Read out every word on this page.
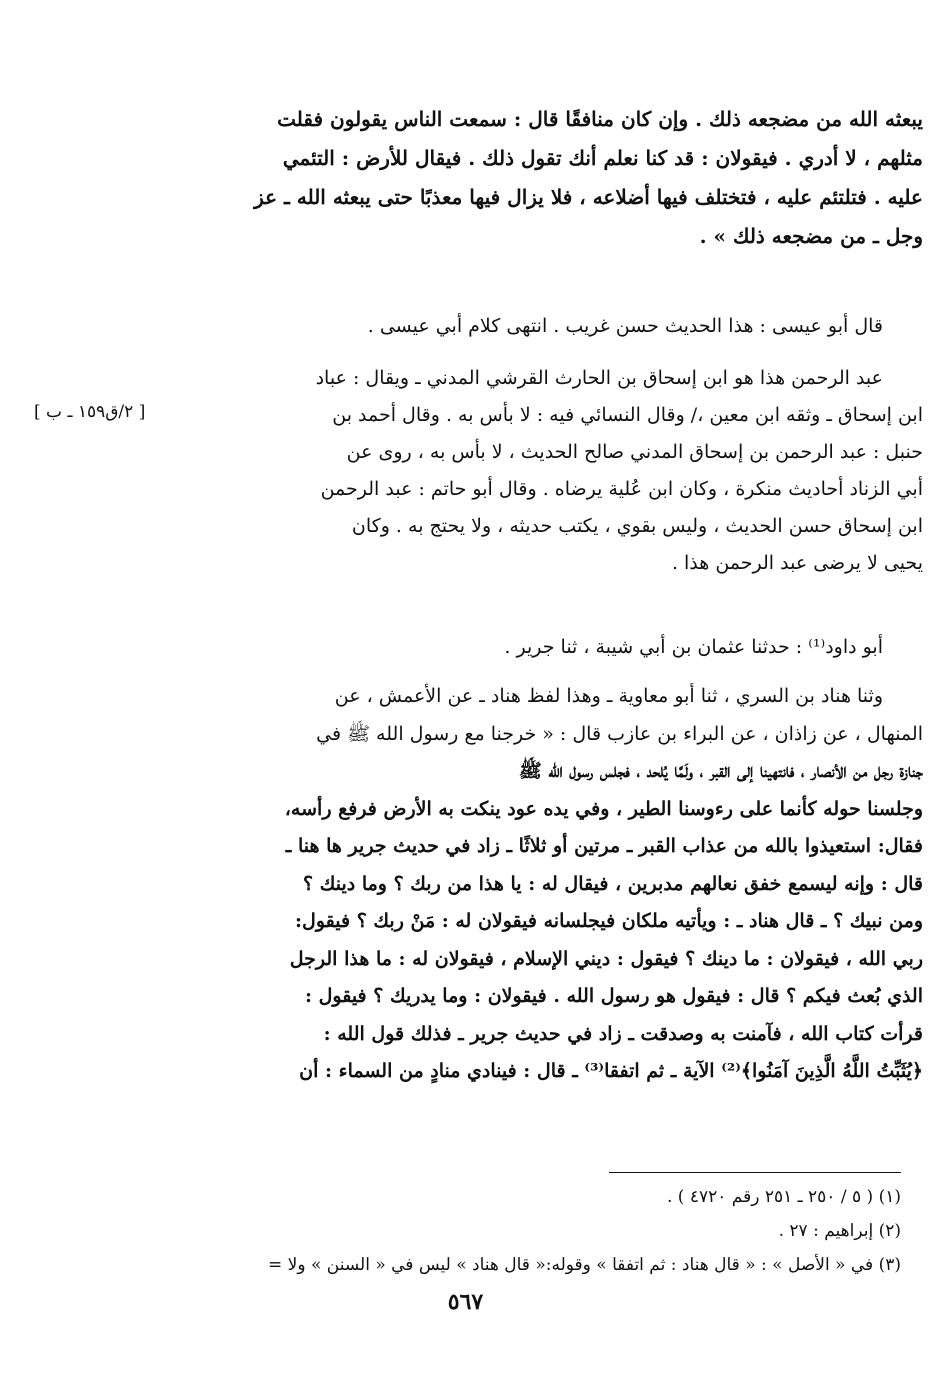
يبعثه الله من مضجعه ذلك . وإن كان منافقًا قال : سمعت الناس يقولون فقلت
مثلهم ، لا أدري . فيقولان : قد كنا نعلم أنك تقول ذلك . فيقال للأرض : التئمي
عليه . فتلتئم عليه ، فتختلف فيها أضلاعه ، فلا يزال فيها معذبًا حتى يبعثه الله ـ عز
وجل ـ من مضجعه ذلك » .
قال أبو عيسى : هذا الحديث حسن غريب . انتهى كلام أبي عيسى .
عبد الرحمن هذا هو ابن إسحاق بن الحارث القرشي المدني ـ ويقال : عباد
ابن إسحاق ـ وثقه ابن معين ،/ وقال النسائي فيه : لا بأس به . وقال أحمد بن
حنبل : عبد الرحمن بن إسحاق المدني صالح الحديث ، لا بأس به ، روى عن
أبي الزناد أحاديث منكرة ، وكان ابن عُلية يرضاه . وقال أبو حاتم : عبد الرحمن
ابن إسحاق حسن الحديث ، وليس بقوي ، يكتب حديثه ، ولا يحتج به . وكان
يحيى لا يرضى عبد الرحمن هذا .
[ ٢/ق١٥٩ ـ ب ]
أبو داود⁽¹⁾ : حدثنا عثمان بن أبي شيبة ، ثنا جرير .
وثنا هناد بن السري ، ثنا أبو معاوية ـ وهذا لفظ هناد ـ عن الأعمش ، عن
المنهال ، عن زاذان ، عن البراء بن عازب قال : « خرجنا مع رسول الله ﷺ في
جنازة رجل من الأنصار ، فانتهينا إلى القبر ، ولَمَّا يُلحد ، فجلس رسول الله ﷺ
وجلسنا حوله كأنما على رءوسنا الطير ، وفي يده عود ينكت به الأرض فرفع رأسه،
فقال: استعيذوا بالله من عذاب القبر ـ مرتين أو ثلاثًا ـ زاد في حديث جرير ها هنا ـ
قال : وإنه ليسمع خفق نعالهم مدبرين ، فيقال له : يا هذا من ربك ؟ وما دينك ؟
ومن نبيك ؟ ـ قال هناد ـ : ويأتيه ملكان فيجلسانه فيقولان له : مَنْ ربك ؟ فيقول:
ربي الله ، فيقولان : ما دينك ؟ فيقول : ديني الإسلام ، فيقولان له : ما هذا الرجل
الذي بُعث فيكم ؟ قال : فيقول هو رسول الله . فيقولان : وما يدريك ؟ فيقول :
قرأت كتاب الله ، فآمنت به وصدقت ـ زاد في حديث جرير ـ فذلك قول الله :
﴿يُثَبِّتُ اللَّهُ الَّذِينَ آمَنُوا﴾⁽²⁾ الآية ـ ثم اتفقا⁽³⁾ ـ قال : فينادي منادٍ من السماء : أن
(١) ( ٥ / ٢٥٠ ـ ٢٥١ رقم ٤٧٢٠ ) .
(٢) إبراهيم : ٢٧ .
(٣) في « الأصل » : « قال هناد : ثم اتفقا » وقوله:« قال هناد » ليس في « السنن » ولا =
٥٦٧
